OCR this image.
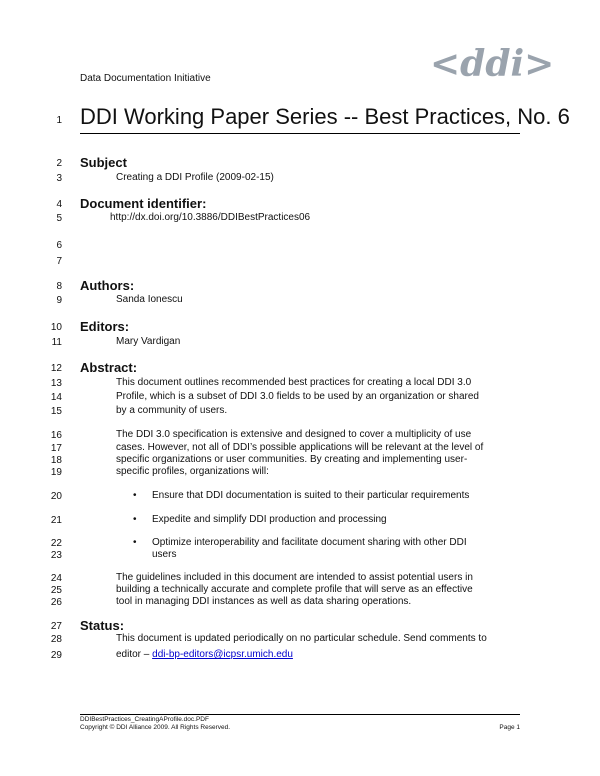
Data Documentation Initiative	<ddi>
DDI Working Paper Series -- Best Practices, No. 6
1
2
3
4
5
6
7
8
9
10
11
12
13
14
15
16
17
18
19
20
21
22
23
24
25
26
27
28
29
Subject
Creating a DDI Profile (2009-02-15)
Document identifier:
http://dx.doi.org/10.3886/DDIBestPractices06
Authors:
Sanda Ionescu
Editors:
Mary Vardigan
Abstract:
This document outlines recommended best practices for creating a local DDI 3.0
Profile, which is a subset of DDI 3.0 fields to be used by an organization or shared
by a community of users.
The DDI 3.0 specification is extensive and designed to cover a multiplicity of use
cases. However, not all of DDI’s possible applications will be relevant at the level of
specific organizations or user communities. By creating and implementing user-
specific profiles, organizations will:
• Ensure that DDI documentation is suited to their particular requirements
• Expedite and simplify DDI production and processing
• Optimize interoperability and facilitate document sharing with other DDI
users
The guidelines included in this document are intended to assist potential users in
building a technically accurate and complete profile that will serve as an effective
tool in managing DDI instances as well as data sharing operations.
Status:
This document is updated periodically on no particular schedule. Send comments to
editor – ddi-bp-editors@icpsr.umich.edu
DDIBestPractices_CreatingAProfile.doc.PDF
Copyright © DDI Alliance 2009. All Rights Reserved.	Page 1
